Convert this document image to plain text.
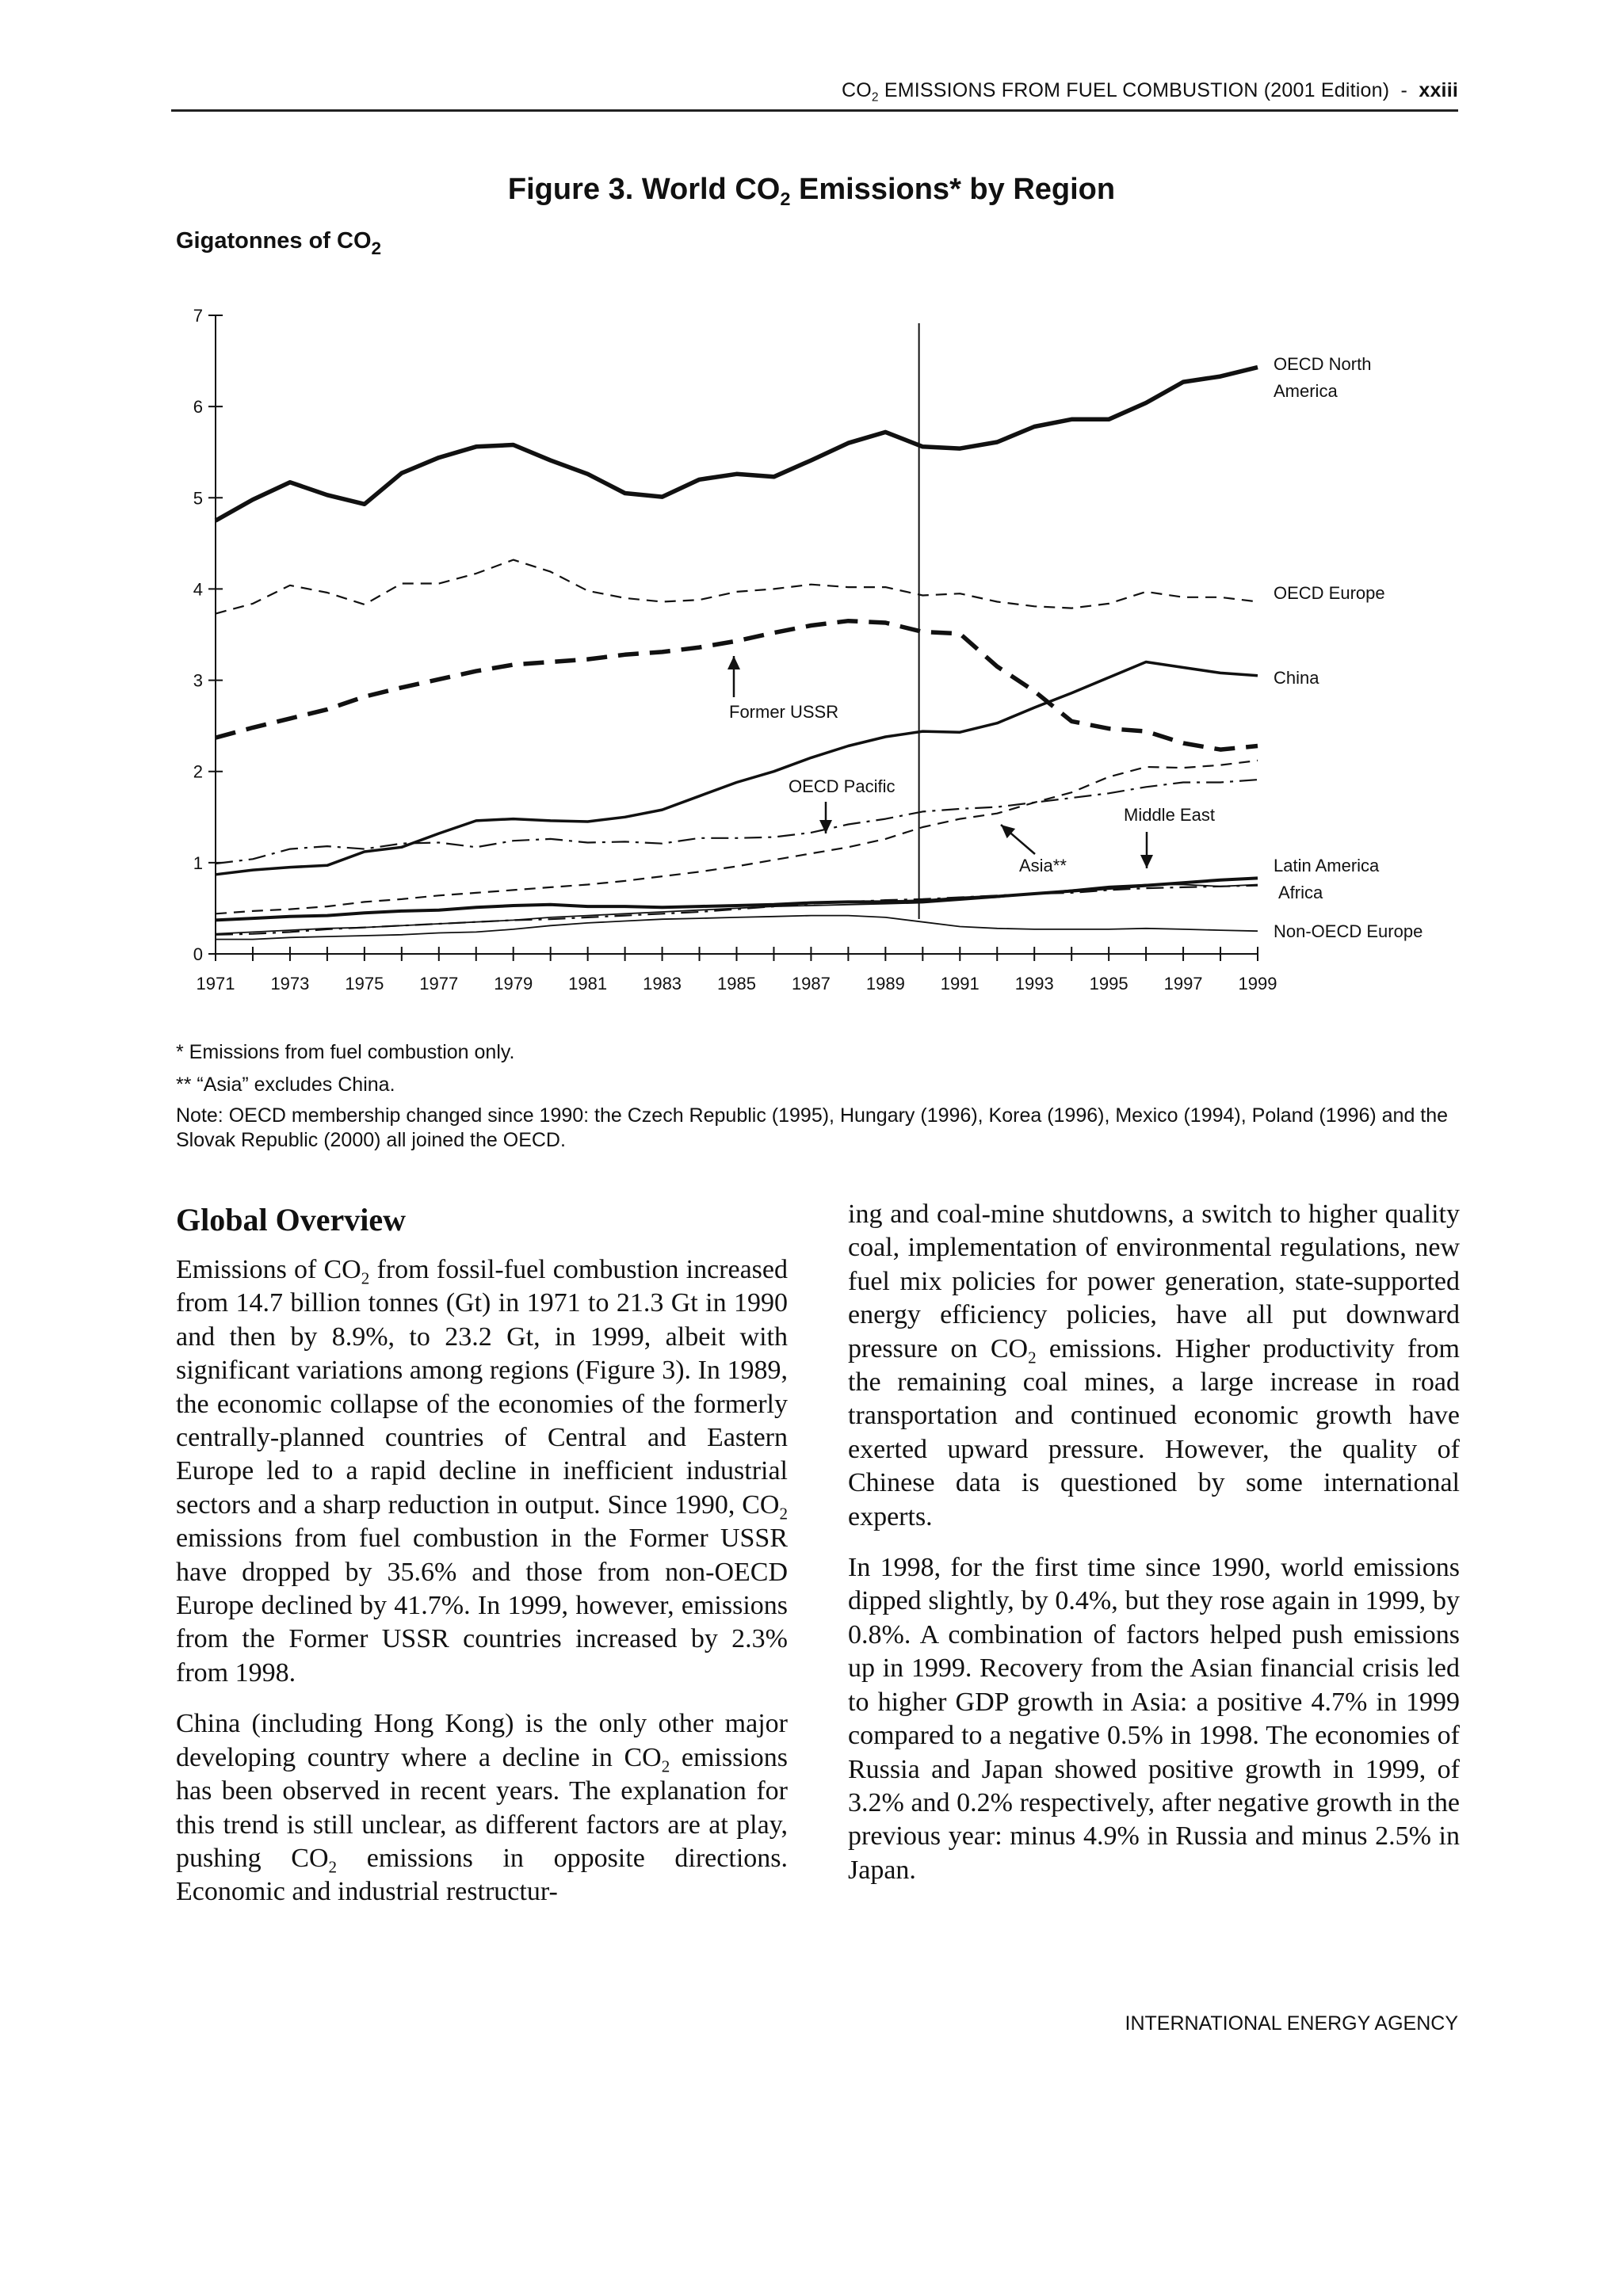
$CO_2$ EMISSIONS FROM FUEL COMBUSTION (2001 Edition)  -  xxiii
Figure 3. World $CO_2$ Emissions* by Region
Gigatonnes of $CO_2$
0
1
2
3
4
5
6
7
1971 1973 1975 1977 1979 1981 1983 1985 1987 1989 1991 1993 1995 1997 1999
OECD North
America
OECD Europe
China
Latin America
Africa
Non-OECD Europe
Former USSR
OECD Pacific
Asia**
Middle East
* Emissions from fuel combustion only.
** “Asia” excludes China.
Note: OECD membership changed since 1990: the Czech Republic (1995), Hungary (1996), Korea (1996), Mexico (1994), Poland (1996) and the Slovak Republic (2000) all joined the OECD.
Global Overview

Emissions of $CO_2$ from fossil-fuel combustion increased from 14.7 billion tonnes (Gt) in 1971 to 21.3 Gt in 1990 and then by 8.9%, to 23.2 Gt, in 1999, albeit with significant variations among regions (Figure 3). In 1989, the economic collapse of the economies of the formerly centrally-planned countries of Central and Eastern Europe led to a rapid decline in inefficient industrial sectors and a sharp reduction in output. Since 1990, $CO_2$ emissions from fuel combustion in the Former USSR have dropped by 35.6% and those from non-OECD Europe declined by 41.7%. In 1999, however, emissions from the Former USSR countries increased by 2.3% from 1998.

China (including Hong Kong) is the only other major developing country where a decline in $CO_2$ emissions has been observed in recent years. The explanation for this trend is still unclear, as different factors are at play, pushing $CO_2$ emissions in opposite directions. Economic and industrial restructur-

ing and coal-mine shutdowns, a switch to higher quality coal, implementation of environmental regulations, new fuel mix policies for power generation, state-supported energy efficiency policies, have all put downward pressure on $CO_2$ emissions. Higher productivity from the remaining coal mines, a large increase in road transportation and continued economic growth have exerted upward pressure. However, the quality of Chinese data is questioned by some international experts.

In 1998, for the first time since 1990, world emissions dipped slightly, by 0.4%, but they rose again in 1999, by 0.8%. A combination of factors helped push emissions up in 1999. Recovery from the Asian financial crisis led to higher GDP growth in Asia: a positive 4.7% in 1999 compared to a negative 0.5% in 1998. The economies of Russia and Japan showed positive growth in 1999, of 3.2% and 0.2% respectively, after negative growth in the previous year: minus 4.9% in Russia and minus 2.5% in Japan.

INTERNATIONAL ENERGY AGENCY
